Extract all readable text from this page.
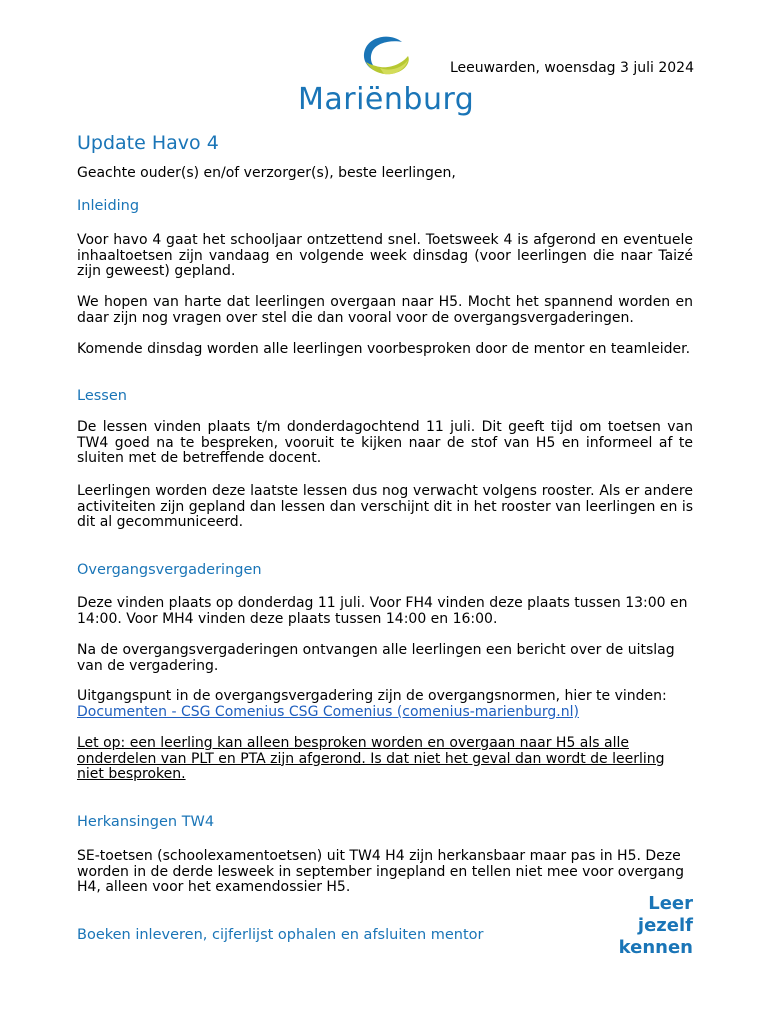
Mariënburg
Leeuwarden, woensdag 3 juli 2024
Update Havo 4
Geachte ouder(s) en/of verzorger(s), beste leerlingen,
Inleiding
Voor havo 4 gaat het schooljaar ontzettend snel. Toetsweek 4 is afgerond en eventuele inhaaltoetsen zijn vandaag en volgende week dinsdag (voor leerlingen die naar Taizé zijn geweest) gepland.
We hopen van harte dat leerlingen overgaan naar H5. Mocht het spannend worden en daar zijn nog vragen over stel die dan vooral voor de overgangsvergaderingen.
Komende dinsdag worden alle leerlingen voorbesproken door de mentor en teamleider.
Lessen
De lessen vinden plaats t/m donderdagochtend 11 juli. Dit geeft tijd om toetsen van TW4 goed na te bespreken, vooruit te kijken naar de stof van H5 en informeel af te sluiten met de betreffende docent.
Leerlingen worden deze laatste lessen dus nog verwacht volgens rooster. Als er andere activiteiten zijn gepland dan lessen dan verschijnt dit in het rooster van leerlingen en is dit al gecommuniceerd.
Overgangsvergaderingen
Deze vinden plaats op donderdag 11 juli. Voor FH4 vinden deze plaats tussen 13:00 en 14:00. Voor MH4 vinden deze plaats tussen 14:00 en 16:00.
Na de overgangsvergaderingen ontvangen alle leerlingen een bericht over de uitslag van de vergadering.
Uitgangspunt in de overgangsvergadering zijn de overgangsnormen, hier te vinden:
Documenten - CSG Comenius CSG Comenius (comenius-marienburg.nl)
Let op: een leerling kan alleen besproken worden en overgaan naar H5 als alle onderdelen van PLT en PTA zijn afgerond. Is dat niet het geval dan wordt de leerling niet besproken.
Herkansingen TW4
SE-toetsen (schoolexamentoetsen) uit TW4 H4 zijn herkansbaar maar pas in H5. Deze worden in de derde lesweek in september ingepland en tellen niet mee voor overgang H4, alleen voor het examendossier H5.
Boeken inleveren, cijferlijst ophalen en afsluiten mentor
Leer
jezelf
kennen
